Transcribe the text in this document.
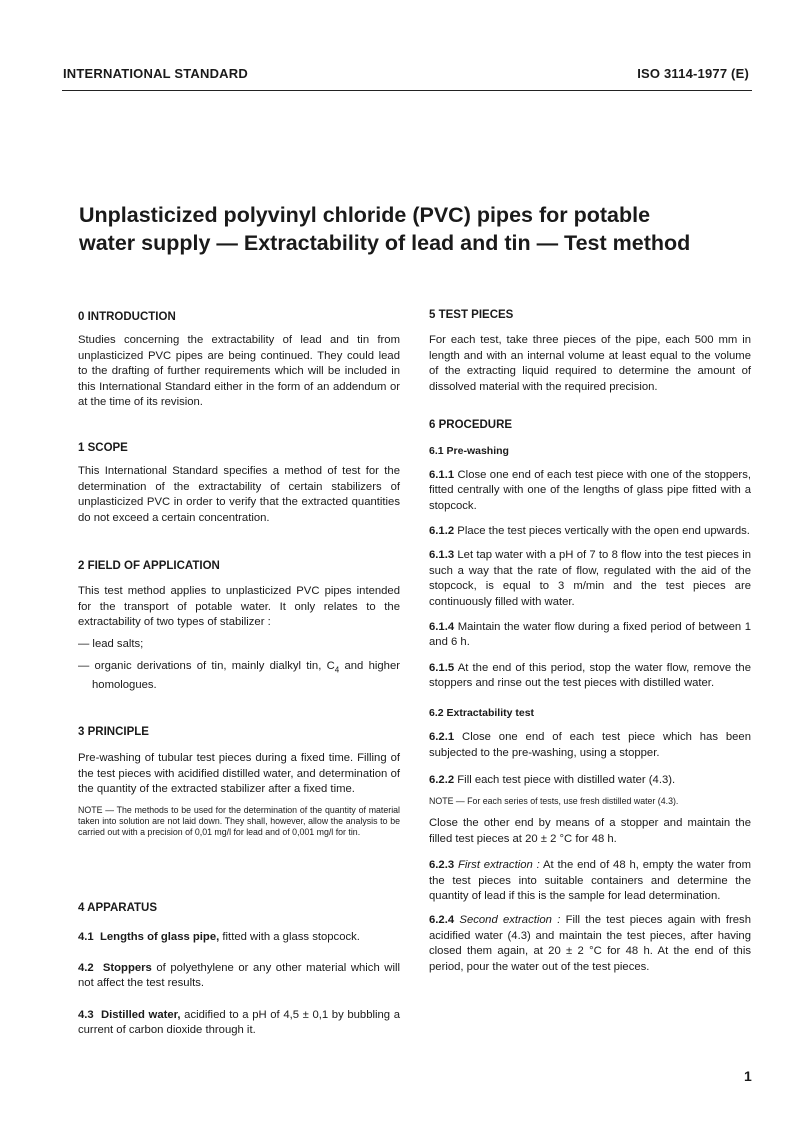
INTERNATIONAL STANDARD	ISO 3114-1977 (E)
Unplasticized polyvinyl chloride (PVC) pipes for potable
water supply — Extractability of lead and tin — Test method
0 INTRODUCTION

Studies concerning the extractability of lead and tin from unplasticized PVC pipes are being continued. They could lead to the drafting of further requirements which will be included in this International Standard either in the form of an addendum or at the time of its revision.

1 SCOPE

This International Standard specifies a method of test for the determination of the extractability of certain stabilizers of unplasticized PVC in order to verify that the extracted quantities do not exceed a certain concentration.

2 FIELD OF APPLICATION

This test method applies to unplasticized PVC pipes intended for the transport of potable water. It only relates to the extractability of two types of stabilizer :

— lead salts;

— organic derivations of tin, mainly dialkyl tin, $C_4$ and higher homologues.

3 PRINCIPLE

Pre-washing of tubular test pieces during a fixed time. Filling of the test pieces with acidified distilled water, and determination of the quantity of the extracted stabilizer after a fixed time.

NOTE — The methods to be used for the determination of the quantity of material taken into solution are not laid down. They shall, however, allow the analysis to be carried out with a precision of 0,01 mg/l for lead and of 0,001 mg/l for tin.

4 APPARATUS

4.1 Lengths of glass pipe, fitted with a glass stopcock.

4.2 Stoppers of polyethylene or any other material which will not affect the test results.

4.3 Distilled water, acidified to a pH of 4,5 ± 0,1 by bubbling a current of carbon dioxide through it.

5 TEST PIECES

For each test, take three pieces of the pipe, each 500 mm in length and with an internal volume at least equal to the volume of the extracting liquid required to determine the amount of dissolved material with the required precision.

6 PROCEDURE

6.1 Pre-washing

6.1.1 Close one end of each test piece with one of the stoppers, fitted centrally with one of the lengths of glass pipe fitted with a stopcock.

6.1.2 Place the test pieces vertically with the open end upwards.

6.1.3 Let tap water with a pH of 7 to 8 flow into the test pieces in such a way that the rate of flow, regulated with the aid of the stopcock, is equal to 3 m/min and the test pieces are continuously filled with water.

6.1.4 Maintain the water flow during a fixed period of between 1 and 6 h.

6.1.5 At the end of this period, stop the water flow, remove the stoppers and rinse out the test pieces with distilled water.

6.2 Extractability test

6.2.1 Close one end of each test piece which has been subjected to the pre-washing, using a stopper.

6.2.2 Fill each test piece with distilled water (4.3).

NOTE — For each series of tests, use fresh distilled water (4.3).

Close the other end by means of a stopper and maintain the filled test pieces at 20 ± 2 °C for 48 h.

6.2.3 First extraction : At the end of 48 h, empty the water from the test pieces into suitable containers and determine the quantity of lead if this is the sample for lead determination.

6.2.4 Second extraction : Fill the test pieces again with fresh acidified water (4.3) and maintain the test pieces, after having closed them again, at 20 ± 2 °C for 48 h. At the end of this period, pour the water out of the test pieces.

1
